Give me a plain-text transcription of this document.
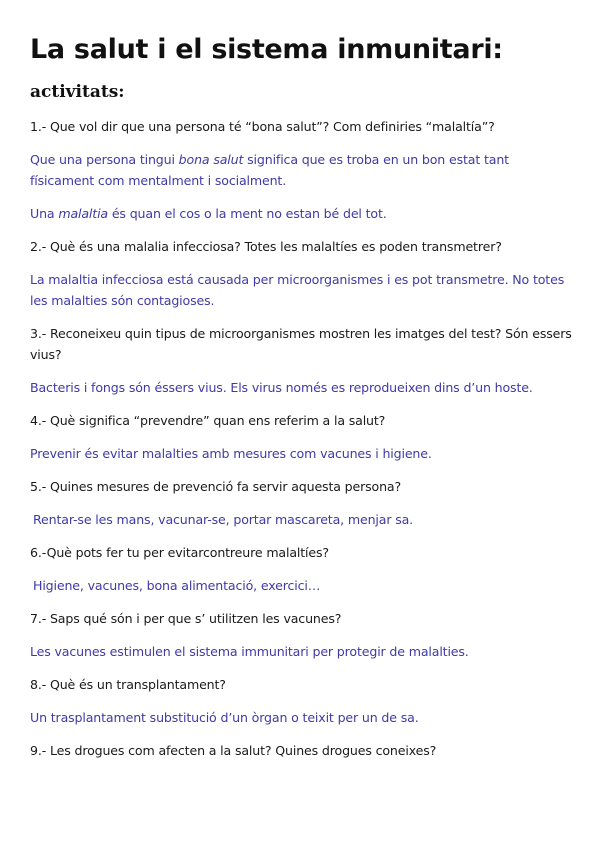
La salut i el sistema inmunitari:
activitats:

1.- Que vol dir que una persona té “bona salut”? Com definiries “malaltía”?

Que una persona tingui bona salut significa que es troba en un bon estat tant físicament com mentalment i socialment.

Una malaltia és quan el cos o la ment no estan bé del tot.

2.- Què és una malalia infecciosa? Totes les malaltíes es poden transmetrer?

La malaltia infecciosa está causada per microorganismes i es pot transmetre. No totes les malalties són contagioses.

3.- Reconeixeu quin tipus de microorganismes mostren les imatges del test? Són essers vius?

Bacteris i fongs són éssers vius. Els virus només es reprodueixen dins d’un hoste.

4.- Què significa “prevendre” quan ens referim a la salut?

Prevenir és evitar malalties amb mesures com vacunes i higiene.

5.- Quines mesures de prevenció fa servir aquesta persona?

Rentar-se les mans, vacunar-se, portar mascareta, menjar sa.

6.-Què pots fer tu per evitarcontreure malaltíes?

Higiene, vacunes, bona alimentació, exercici…

7.- Saps qué són i per que s’ utilitzen les vacunes?

Les vacunes estimulen el sistema immunitari per protegir de malalties.

8.- Què és un transplantament?

Un trasplantament substitució d’un òrgan o teixit per un de sa.

9.- Les drogues com afecten a la salut? Quines drogues coneixes?
